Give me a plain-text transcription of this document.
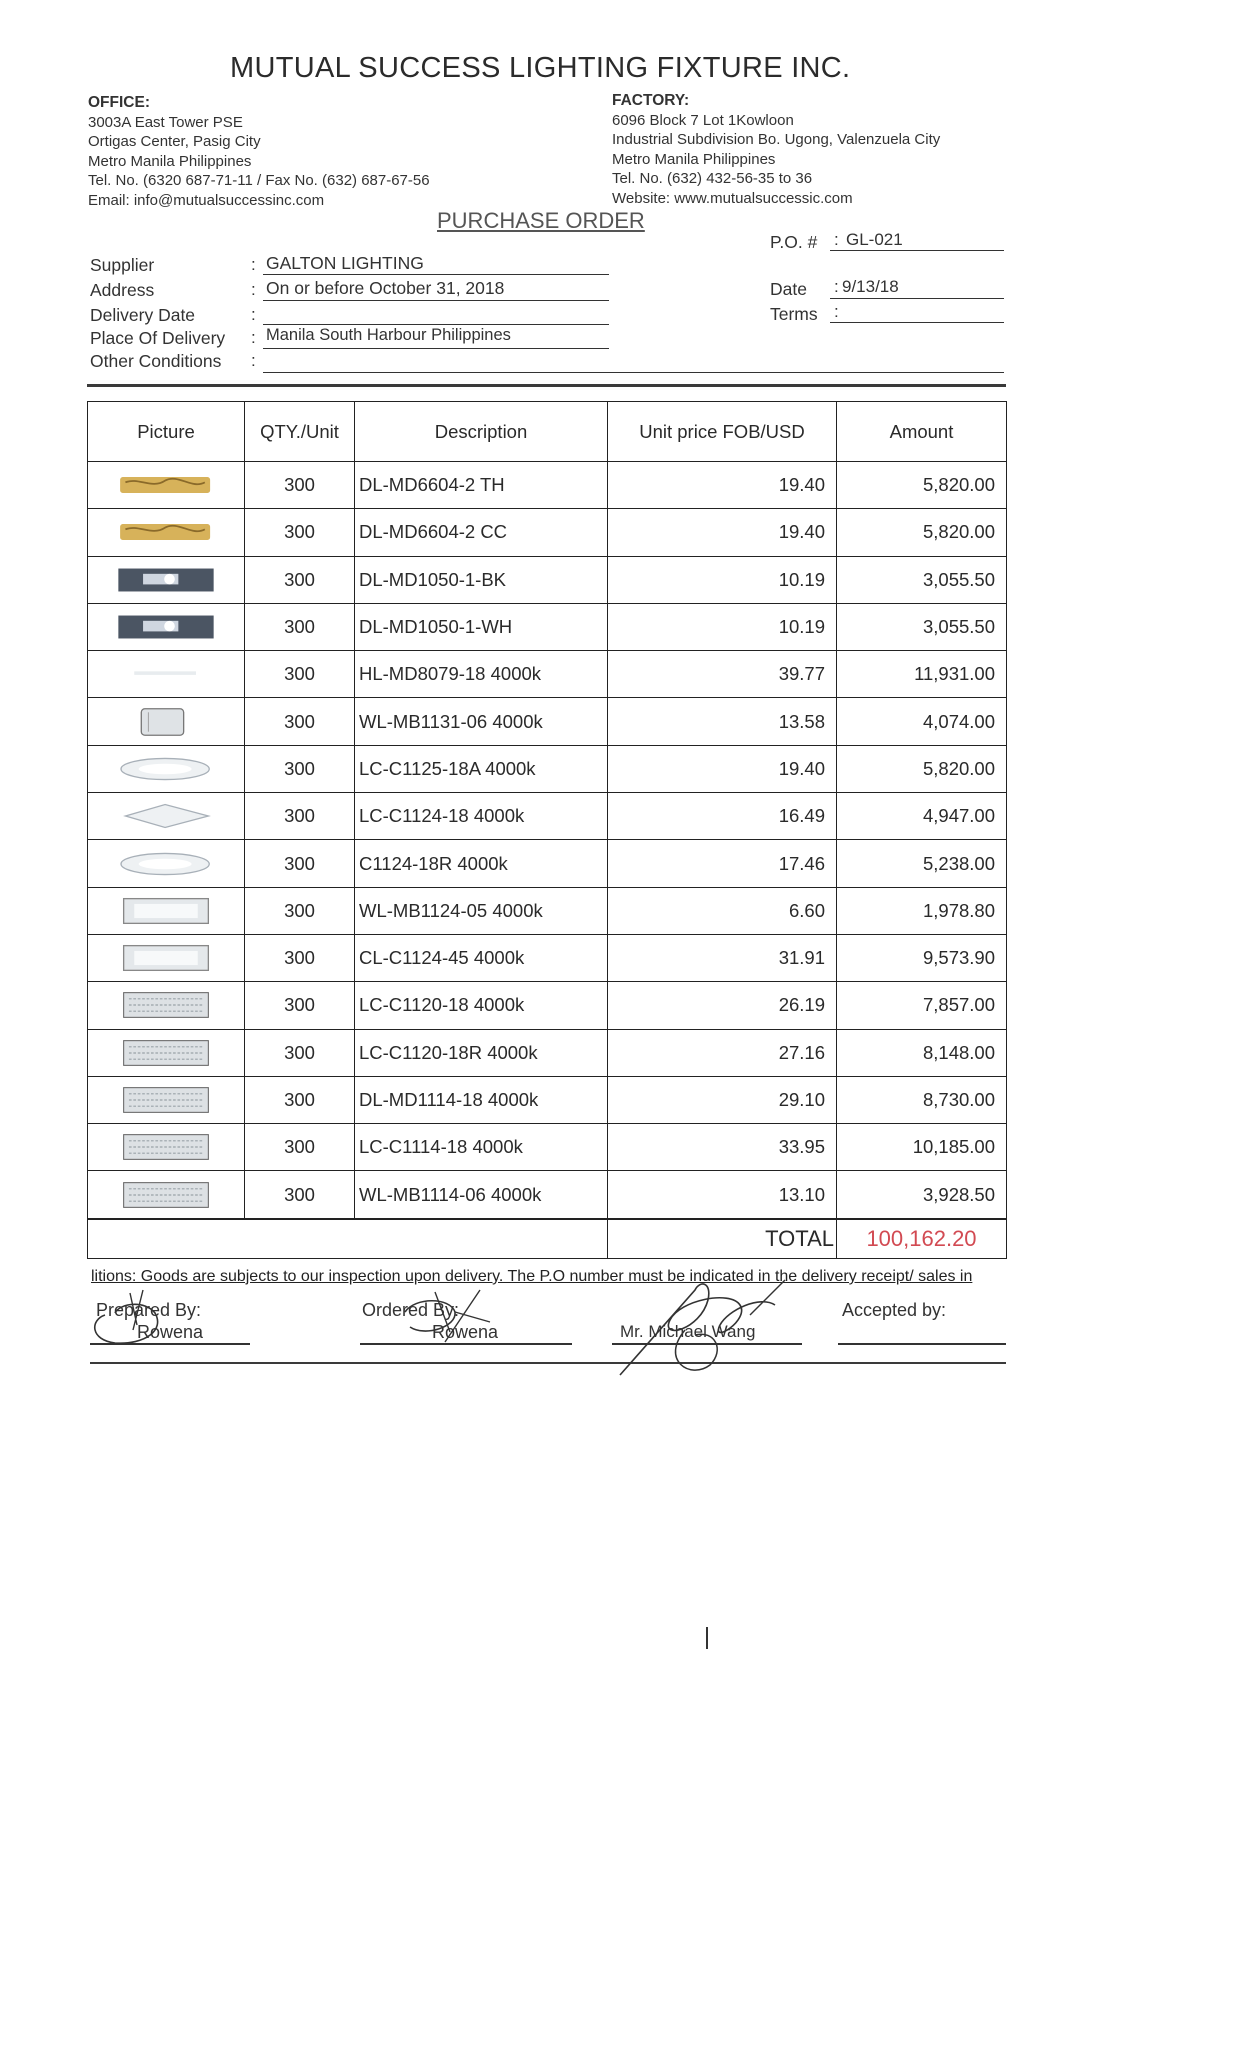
MUTUAL SUCCESS LIGHTING FIXTURE INC.
OFFICE:
3003A East Tower PSE
Ortigas Center, Pasig City
Metro Manila Philippines
Tel. No. (6320 687-71-11 / Fax No. (632) 687-67-56
Email: info@mutualsuccessinc.com
FACTORY:
6096 Block 7 Lot 1Kowloon
Industrial Subdivision Bo. Ugong, Valenzuela City
Metro Manila Philippines
Tel. No. (632) 432-56-35 to 36
Website: www.mutualsuccessic.com
PURCHASE ORDER
Supplier	: GALTON LIGHTING
Address	: On or before October 31, 2018
Delivery Date	:
Place Of Delivery : Manila South Harbour Philippines
Other Conditions :
P.O. # : GL-021
Date : 9/13/18
Terms :
Picture	QTY./Unit	Description	Unit price FOB/USD	Amount

	300	DL-MD6604-2 TH	19.40	5,820.00

	300	DL-MD6604-2 CC	19.40	5,820.00

	300	DL-MD1050-1-BK	10.19	3,055.50

	300	DL-MD1050-1-WH	10.19	3,055.50

	300	HL-MD8079-18 4000k	39.77	11,931.00

	300	WL-MB1131-06 4000k	13.58	4,074.00

	300	LC-C1125-18A 4000k	19.40	5,820.00

	300	LC-C1124-18 4000k	16.49	4,947.00

	300	C1124-18R 4000k	17.46	5,238.00

	300	WL-MB1124-05 4000k	6.60	1,978.80

	300	CL-C1124-45 4000k	31.91	9,573.90

	300	LC-C1120-18 4000k	26.19	7,857.00

	300	LC-C1120-18R 4000k	27.16	8,148.00

	300	DL-MD1114-18 4000k	29.10	8,730.00

	300	LC-C1114-18 4000k	33.95	10,185.00

	300	WL-MB1114-06 4000k	13.10	3,928.50
			TOTAL	100,162.20
litions: Goods are subjects to our inspection upon delivery. The P.O number must be indicated in the delivery receipt/ sales in
Prepared By:
Rowena
Ordered By:
Rowena	Mr. Michael Wang
Accepted by:
